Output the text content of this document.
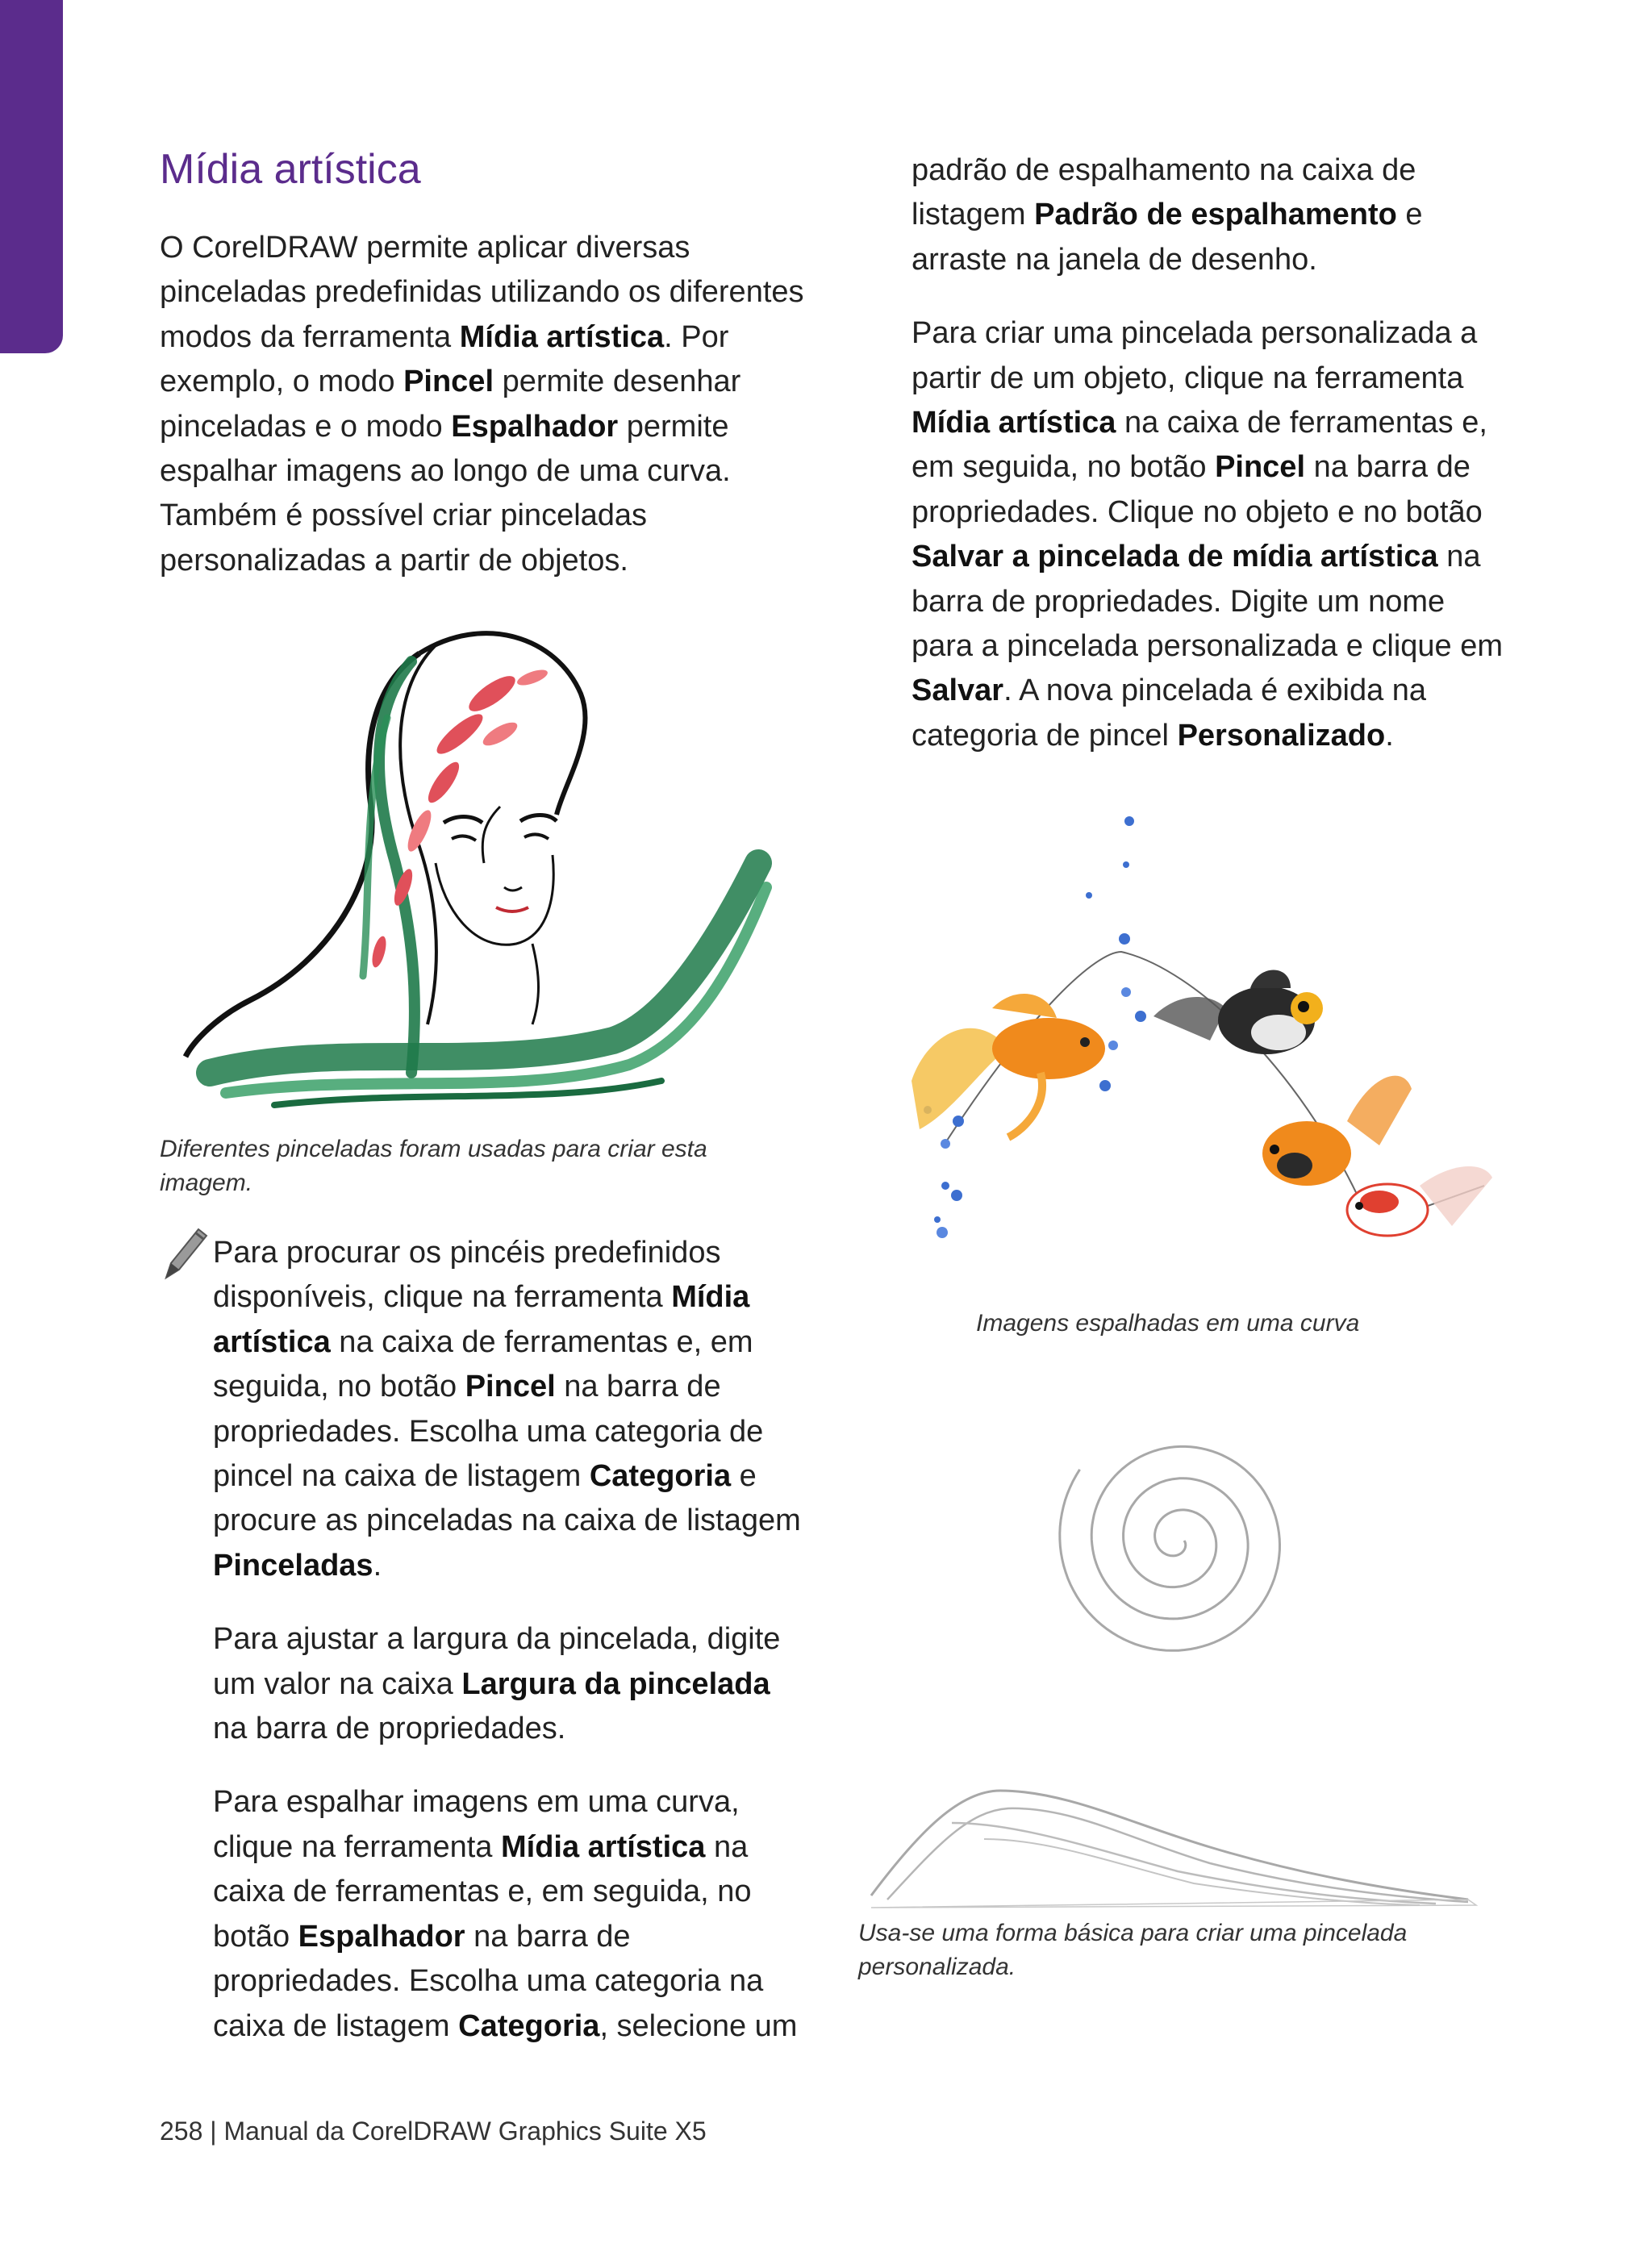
Mídia artística

O CorelDRAW permite aplicar diversas pinceladas predefinidas utilizando os diferentes modos da ferramenta Mídia artística. Por exemplo, o modo Pincel permite desenhar pinceladas e o modo Espalhador permite espalhar imagens ao longo de uma curva. Também é possível criar pinceladas personalizadas a partir de objetos.

Diferentes pinceladas foram usadas para criar esta imagem.

Para procurar os pincéis predefinidos disponíveis, clique na ferramenta Mídia artística na caixa de ferramentas e, em seguida, no botão Pincel na barra de propriedades. Escolha uma categoria de pincel na caixa de listagem Categoria e procure as pinceladas na caixa de listagem Pinceladas.

Para ajustar a largura da pincelada, digite um valor na caixa Largura da pincelada na barra de propriedades.

Para espalhar imagens em uma curva, clique na ferramenta Mídia artística na caixa de ferramentas e, em seguida, no botão Espalhador na barra de propriedades. Escolha uma categoria na caixa de listagem Categoria, selecione um

padrão de espalhamento na caixa de listagem Padrão de espalhamento e arraste na janela de desenho.

Para criar uma pincelada personalizada a partir de um objeto, clique na ferramenta Mídia artística na caixa de ferramentas e, em seguida, no botão Pincel na barra de propriedades. Clique no objeto e no botão Salvar a pincelada de mídia artística na barra de propriedades. Digite um nome para a pincelada personalizada e clique em Salvar. A nova pincelada é exibida na categoria de pincel Personalizado.

Imagens espalhadas em uma curva
Usa-se uma forma básica para criar uma pincelada personalizada.
258 | Manual da CorelDRAW Graphics Suite X5
